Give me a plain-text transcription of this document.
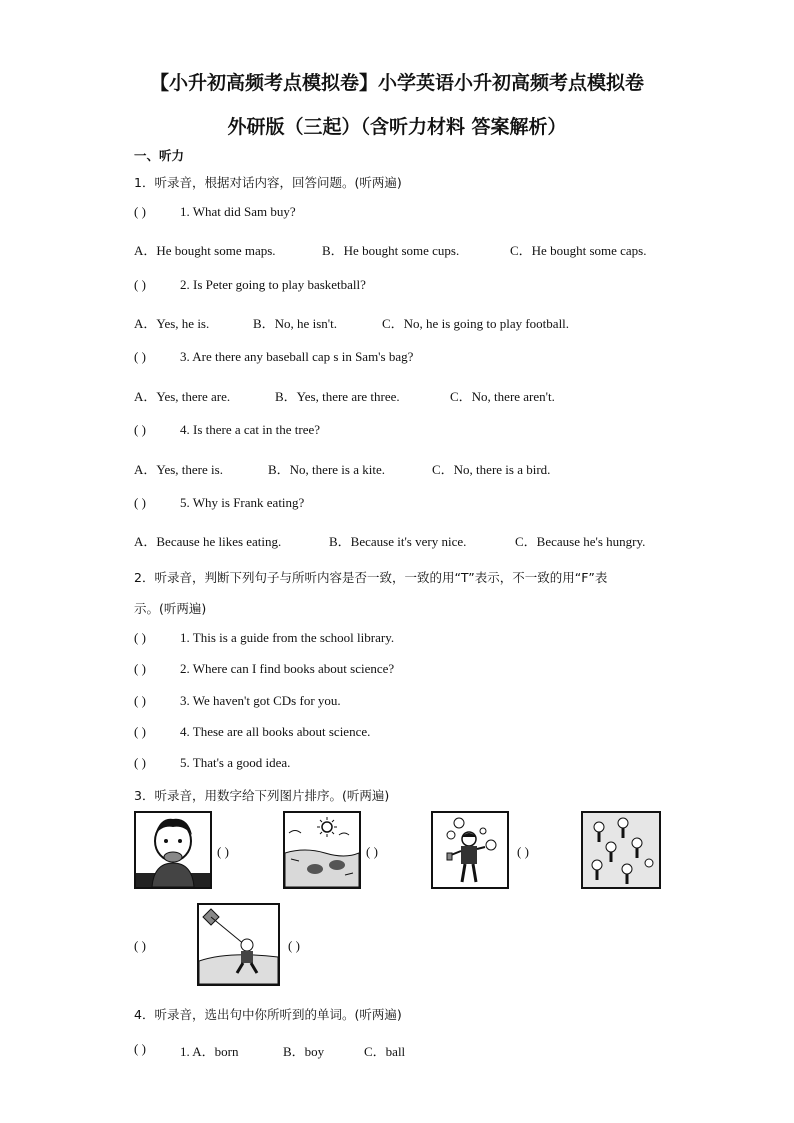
【小升初高频考点模拟卷】小学英语小升初高频考点模拟卷
外研版（三起）（含听力材料 答案解析）
一、听力
1．听录音，根据对话内容，回答问题。(听两遍)
( )	1. What did Sam buy?
A．He bought some maps.	B．He bought some cups.	C．He bought some caps.
( )	2. Is Peter going to play basketball?
A．Yes, he is.	B．No, he isn't.	C．No, he is going to play football.
( )	3. Are there any baseball cap s in Sam's bag?
A．Yes, there are.	B．Yes, there are three.	C．No, there aren't.
( )	4. Is there a cat in the tree?
A．Yes, there is.	B．No, there is a kite.	C．No, there is a bird.
( )	5. Why is Frank eating?
A．Because he likes eating.	B．Because it's very nice.	C．Because he's hungry.
2．听录音，判断下列句子与所听内容是否一致，一致的用“T”表示，不一致的用“F”表
示。(听两遍)
( )	1. This is a guide from the school library.
( )	2. Where can I find books about science?
( )	3. We haven't got CDs for you.
( )	4. These are all books about science.
( )	5. That's a good idea.
3．听录音，用数字给下列图片排序。(听两遍)
( )	( )	( )
( )	( )
4．听录音，选出句中你所听到的单词。(听两遍)
( )	1. A．born	B．boy	C．ball
